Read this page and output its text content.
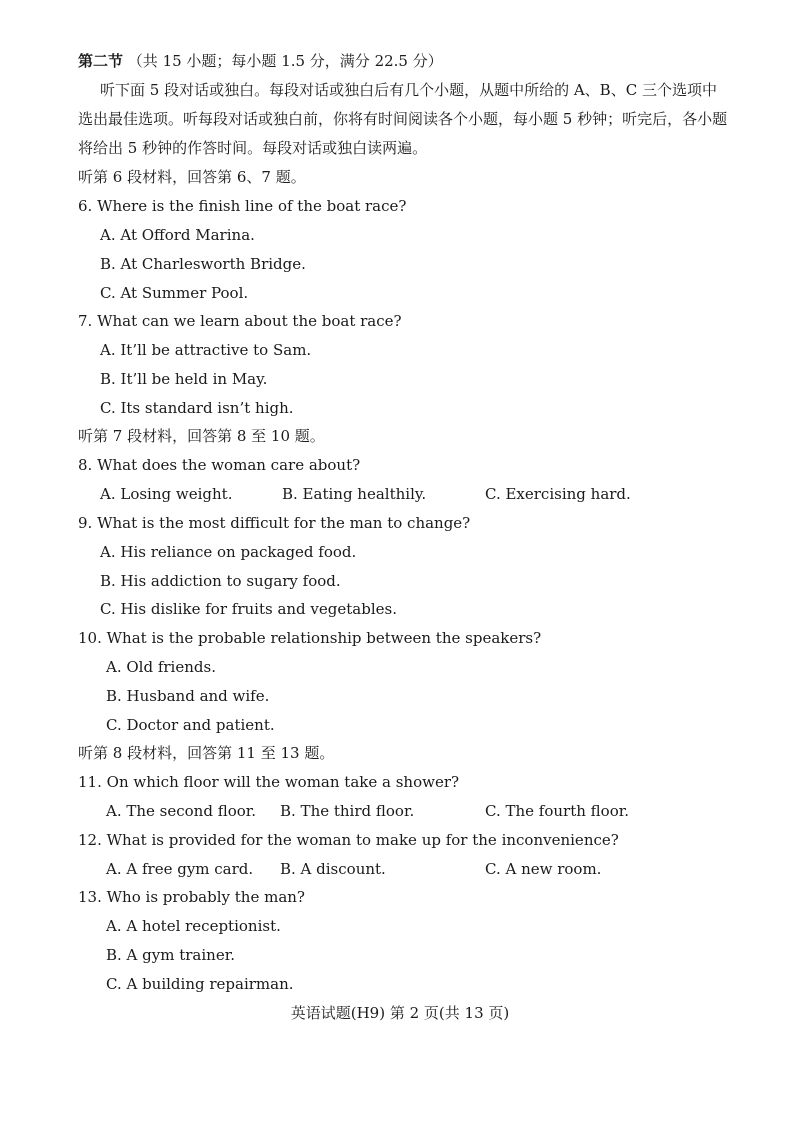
第二节 （共 15 小题；每小题 1.5 分，满分 22.5 分）
听下面 5 段对话或独白。每段对话或独白后有几个小题，从题中所给的 A、B、C 三个选项中
选出最佳选项。听每段对话或独白前，你将有时间阅读各个小题，每小题 5 秒钟；听完后，各小题
将给出 5 秒钟的作答时间。每段对话或独白读两遍。
听第 6 段材料，回答第 6、7 题。
6. Where is the finish line of the boat race?
A. At Offord Marina.
B. At Charlesworth Bridge.
C. At Summer Pool.
7. What can we learn about the boat race?
A. It’ll be attractive to Sam.
B. It’ll be held in May.
C. Its standard isn’t high.
听第 7 段材料，回答第 8 至 10 题。
8. What does the woman care about?
A. Losing weight.	B. Eating healthily.	C. Exercising hard.
9. What is the most difficult for the man to change?
A. His reliance on packaged food.
B. His addiction to sugary food.
C. His dislike for fruits and vegetables.
10. What is the probable relationship between the speakers?
A. Old friends.
B. Husband and wife.
C. Doctor and patient.
听第 8 段材料，回答第 11 至 13 题。
11. On which floor will the woman take a shower?
A. The second floor. B. The third floor.	C. The fourth floor.
12. What is provided for the woman to make up for the inconvenience?
A. A free gym card. B. A discount.	C. A new room.
13. Who is probably the man?
A. A hotel receptionist.
B. A gym trainer.
C. A building repairman.
英语试题(H9) 第 2 页(共 13 页)
